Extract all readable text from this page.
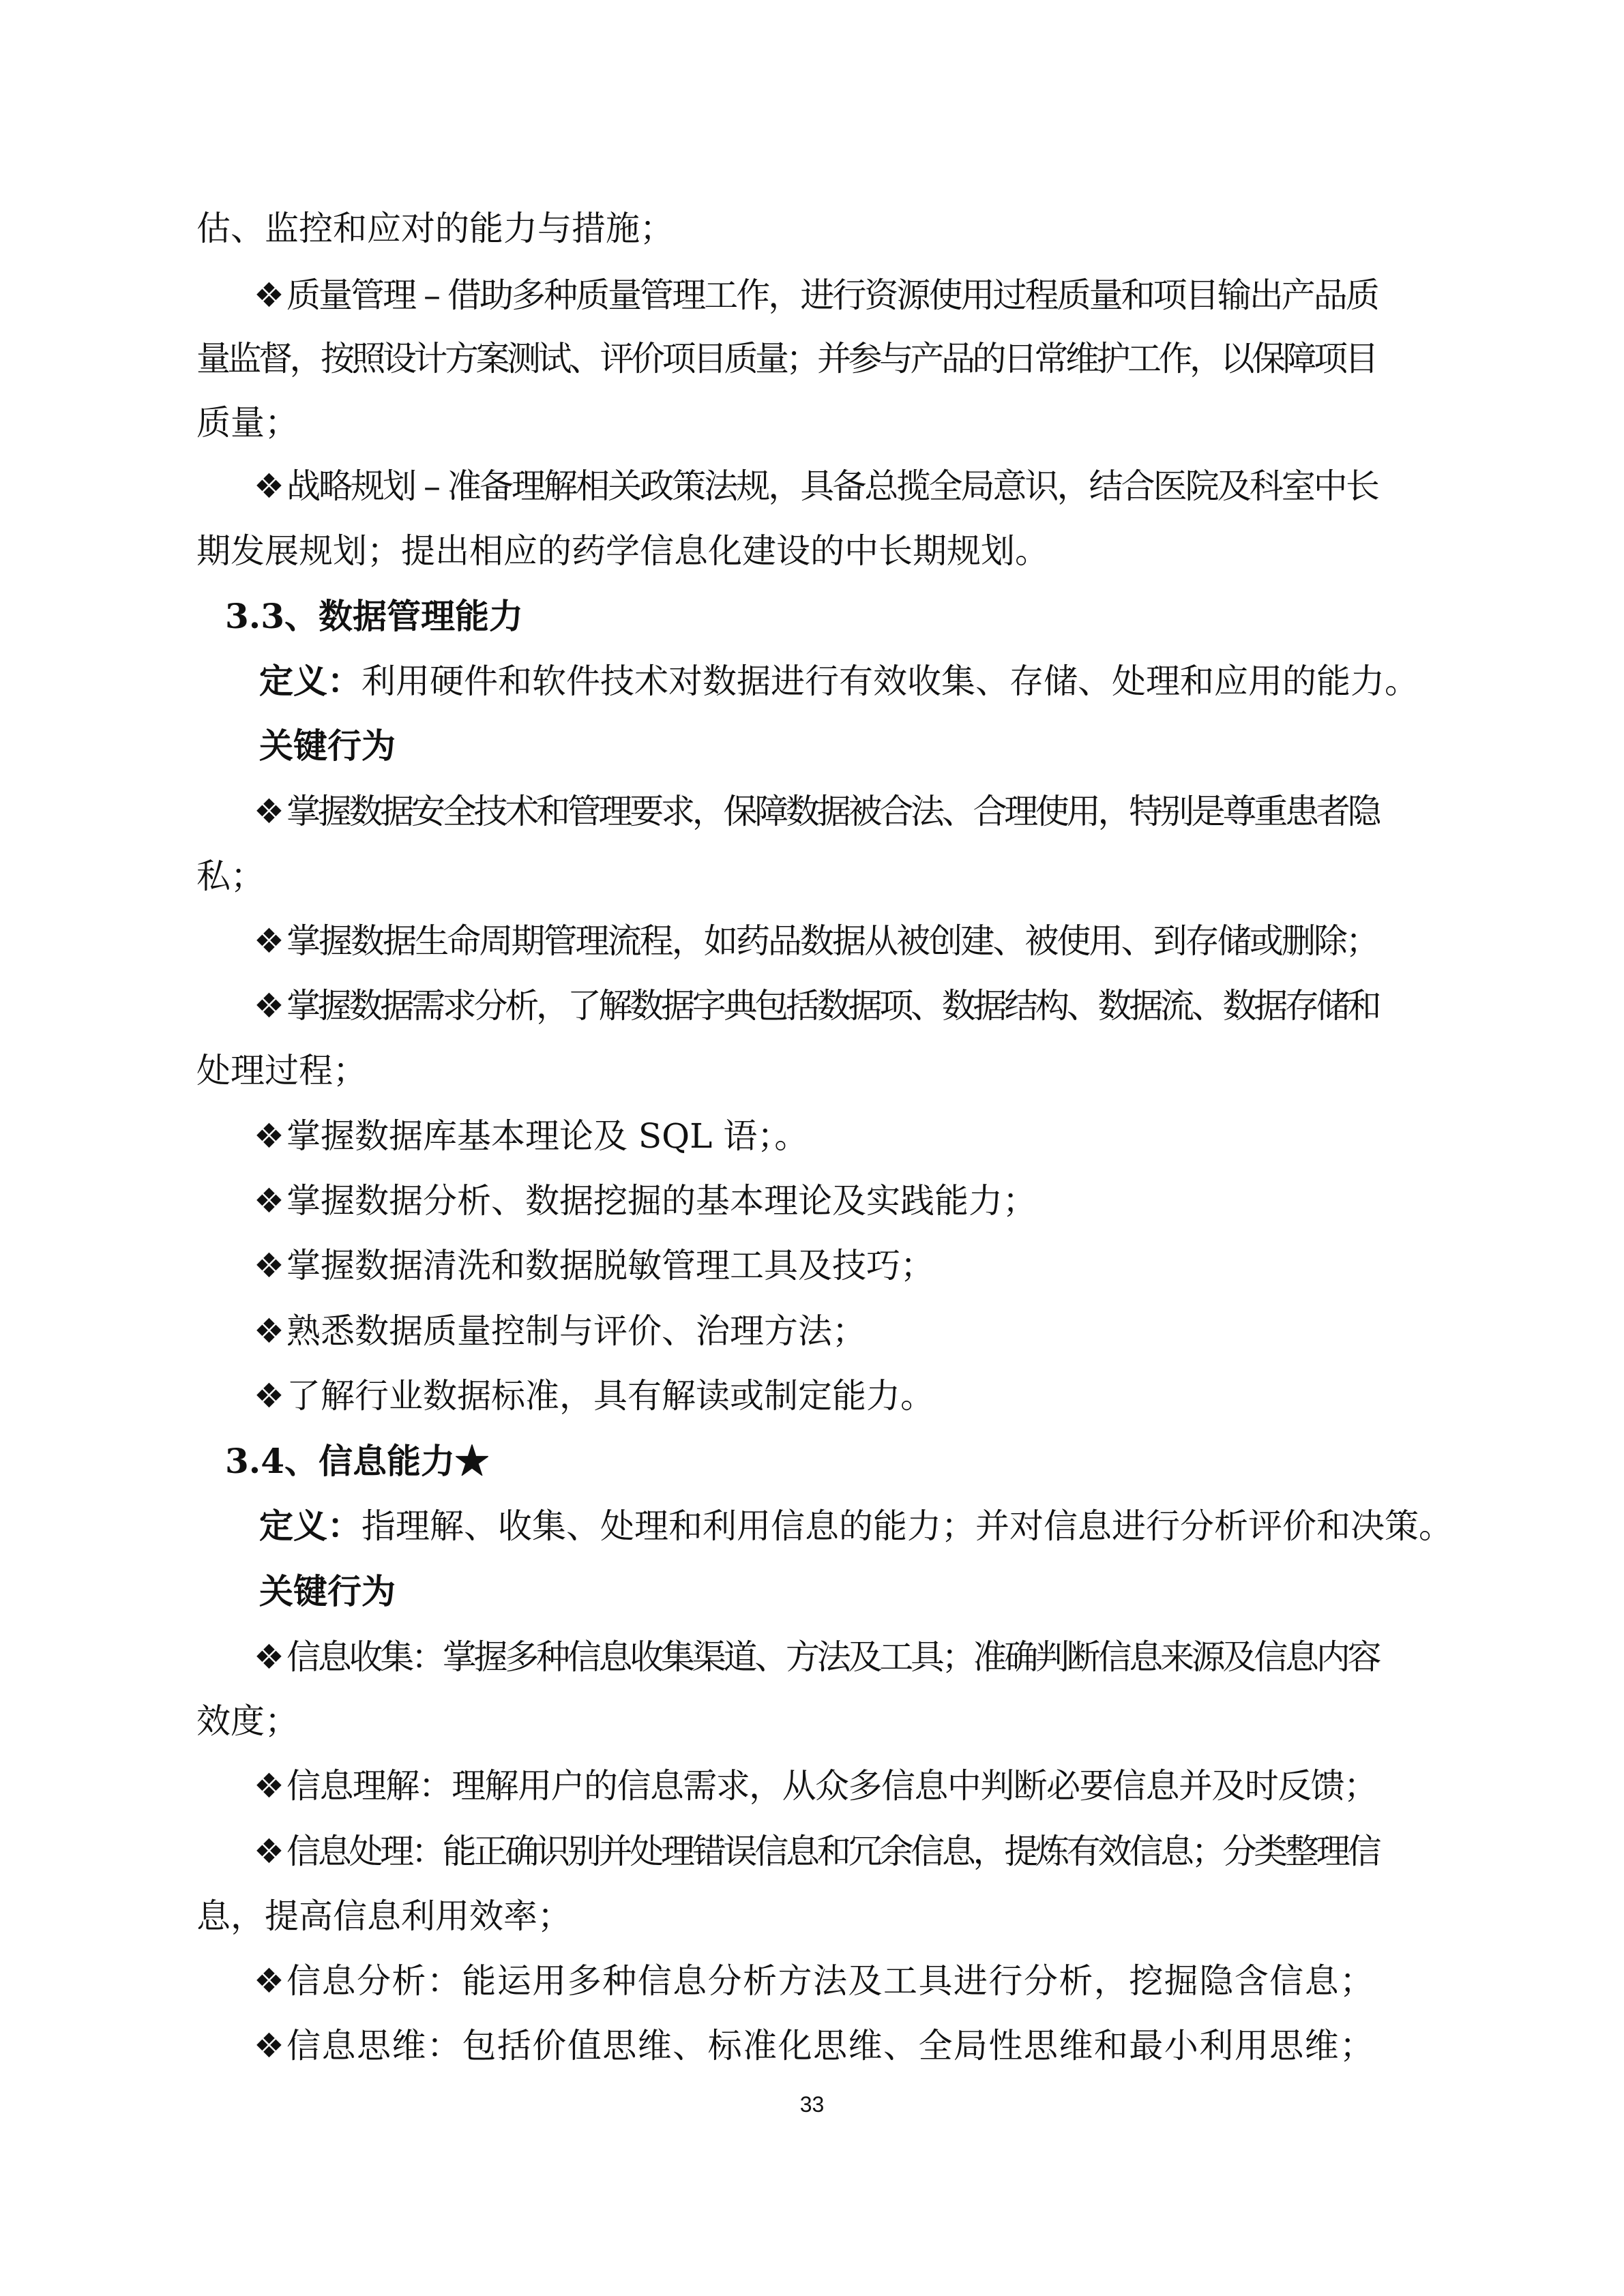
估、监控和应对的能力与措施；
❖ 质量管理 – 借助多种质量管理工作，进行资源使用过程质量和项目输出产品质
量监督，按照设计方案测试、评价项目质量；并参与产品的日常维护工作，以保障项目
质量；
❖ 战略规划 – 准备理解相关政策法规，具备总揽全局意识，结合医院及科室中长
期发展规划；提出相应的药学信息化建设的中长期规划。
3.3、数据管理能力
定义：利用硬件和软件技术对数据进行有效收集、存储、处理和应用的能力。
关键行为
❖ 掌握数据安全技术和管理要求，保障数据被合法、合理使用，特别是尊重患者隐
私；
❖ 掌握数据生命周期管理流程，如药品数据从被创建、被使用、到存储或删除；
❖ 掌握数据需求分析，了解数据字典包括数据项、数据结构、数据流、数据存储和
处理过程；
❖掌握数据库基本理论及 SQL 语；。
❖掌握数据分析、数据挖掘的基本理论及实践能力；
❖掌握数据清洗和数据脱敏管理工具及技巧；
❖熟悉数据质量控制与评价、治理方法；
❖了解行业数据标准，具有解读或制定能力。
3.4、信息能力★
定义：指理解、收集、处理和利用信息的能力；并对信息进行分析评价和决策。
关键行为
❖ 信息收集：掌握多种信息收集渠道、方法及工具；准确判断信息来源及信息内容
效度；
❖信息理解：理解用户的信息需求，从众多信息中判断必要信息并及时反馈；
❖ 信息处理：能正确识别并处理错误信息和冗余信息，提炼有效信息；分类整理信
息，提高信息利用效率；
❖信息分析：能运用多种信息分析方法及工具进行分析，挖掘隐含信息；
❖信息思维：包括价值思维、标准化思维、全局性思维和最小利用思维；
33
